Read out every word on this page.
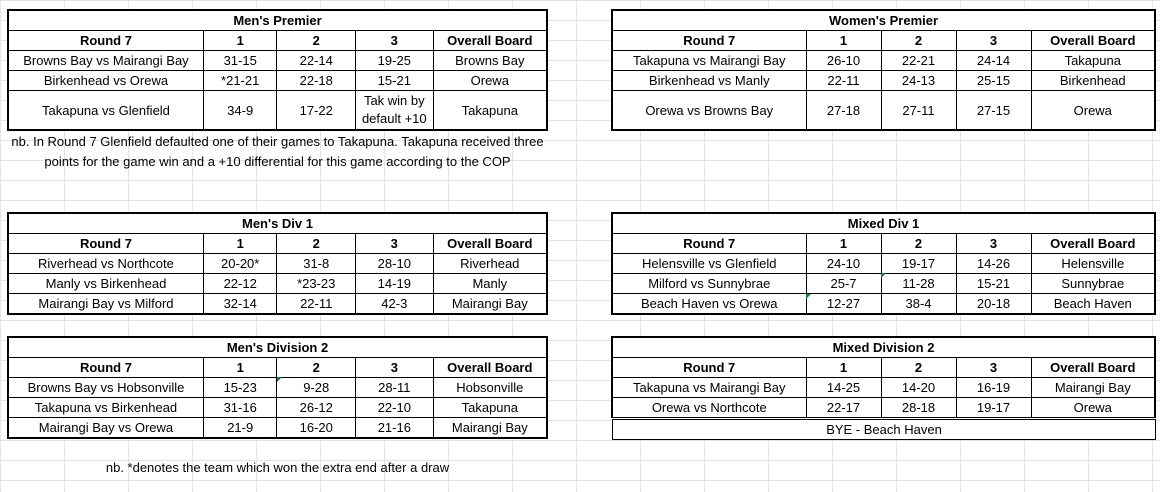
Men's Premier				
Round 7	1	2	3	Overall Board
Browns Bay vs Mairangi Bay	31-15	22-14	19-25	Browns Bay
Birkenhead vs Orewa	*21-21	22-18	15-21	Orewa
Takapuna vs Glenfield	34-9	17-22	Tak win by default +10	Takapuna
nb. In Round 7 Glenfield defaulted one of their games to Takapuna. Takapuna received three points for the game win and a +10 differential for this game according to the COP
Women's Premier				
Round 7	1	2	3	Overall Board
Takapuna vs Mairangi Bay	26-10	22-21	24-14	Takapuna
Birkenhead vs Manly	22-11	24-13	25-15	Birkenhead
Orewa vs Browns Bay	27-18	27-11	27-15	Orewa
Men's Div 1				
Round 7	1	2	3	Overall Board
Riverhead vs Northcote	20-20*	31-8	28-10	Riverhead
Manly vs Birkenhead	22-12	*23-23	14-19	Manly
Mairangi Bay vs Milford	32-14	22-11	42-3	Mairangi Bay
Mixed Div 1				
Round 7	1	2	3	Overall Board
Helensville vs Glenfield	24-10	19-17	14-26	Helensville
Milford vs Sunnybrae	25-7	11-28	15-21	Sunnybrae
Beach Haven vs Orewa	12-27	38-4	20-18	Beach Haven
Men's Division 2				
Round 7	1	2	3	Overall Board
Browns Bay vs Hobsonville	15-23	9-28	28-11	Hobsonville
Takapuna vs Birkenhead	31-16	26-12	22-10	Takapuna
Mairangi Bay vs Orewa	21-9	16-20	21-16	Mairangi Bay
Mixed Division 2				
Round 7	1	2	3	Overall Board
Takapuna vs Mairangi Bay	14-25	14-20	16-19	Mairangi Bay
Orewa vs Northcote	22-17	28-18	19-17	Orewa
BYE - Beach Haven
nb. *denotes the team which won the extra end after a draw
